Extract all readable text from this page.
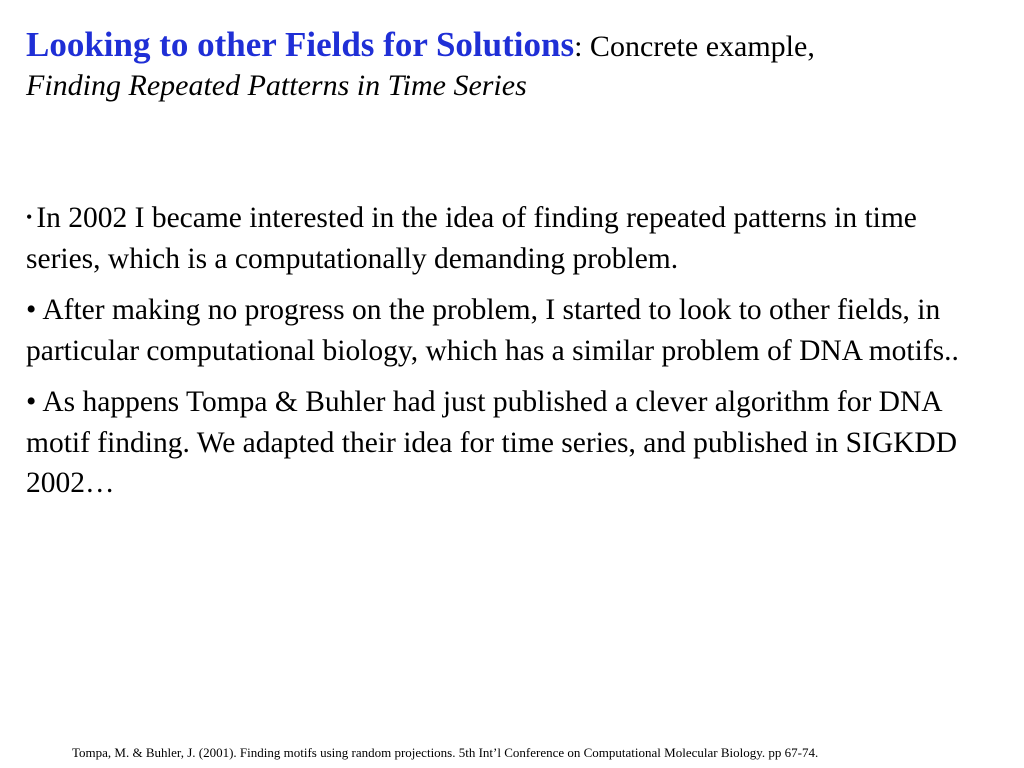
Looking to other Fields for Solutions: Concrete example,
Finding Repeated Patterns in Time Series

• In 2002 I became interested in the idea of finding repeated patterns in time series, which is a computationally demanding problem.

• After making no progress on the problem, I started to look to other fields, in particular computational biology, which has a similar problem of DNA motifs..

• As happens Tompa & Buhler had just published a clever algorithm for DNA motif finding. We adapted their idea for time series, and published in SIGKDD 2002…

Tompa, M. & Buhler, J. (2001). Finding motifs using random projections. 5th Int’l Conference on Computational Molecular Biology. pp 67-74.
